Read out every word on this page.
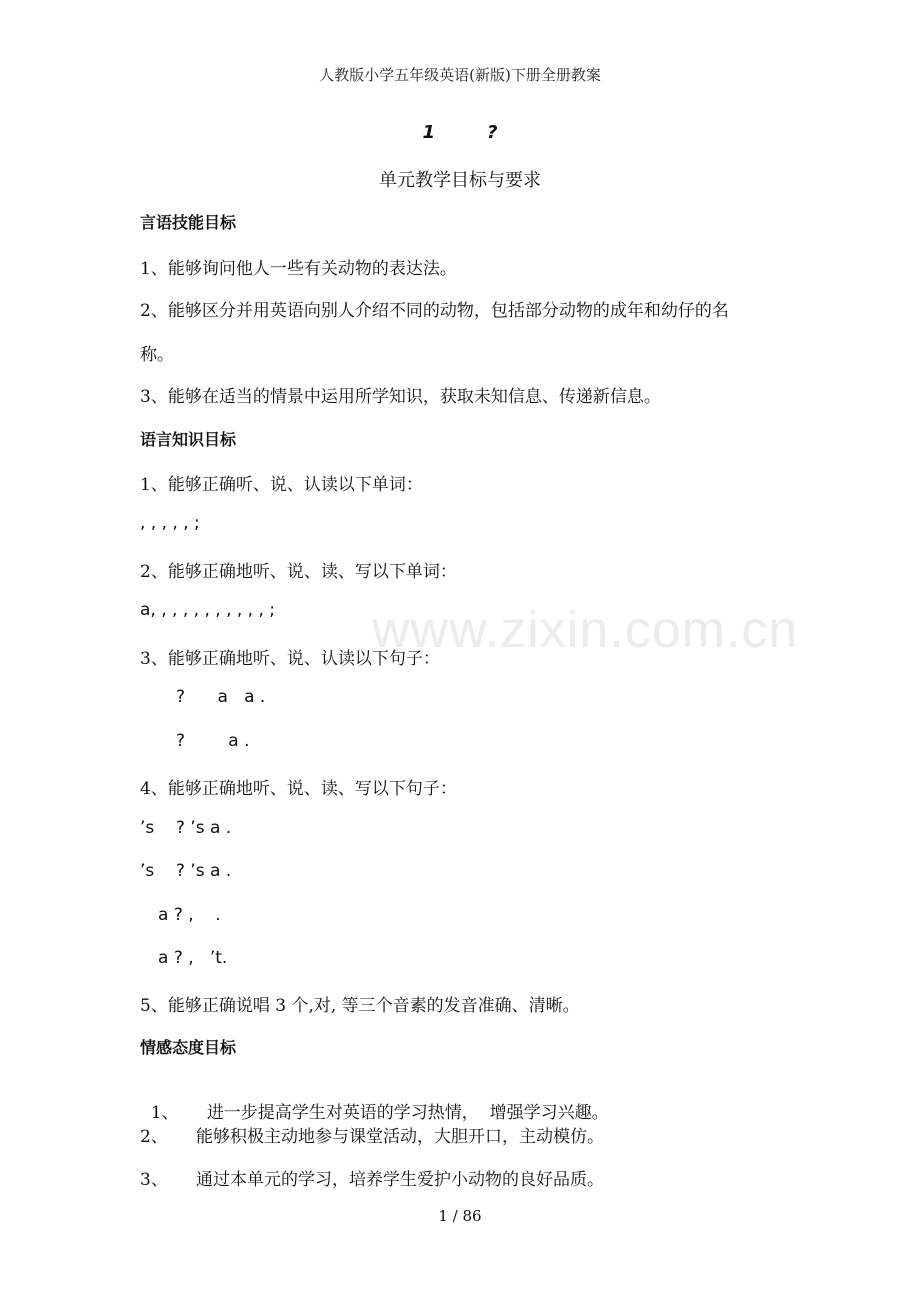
www.zixin.com.cn
人教版小学五年级英语(新版)下册全册教案
1	?
单元教学目标与要求
言语技能目标
1、能够询问他人一些有关动物的表达法。
2、能够区分并用英语向别人介绍不同的动物，包括部分动物的成年和幼仔的名
称。
3、能够在适当的情景中运用所学知识，获取未知信息、传递新信息。
语言知识目标
1、能够正确听、说、认读以下单词：
, , , , , ;
2、能够正确地听、说、读、写以下单词：
a, , , , , , , , , , , ;
3、能够正确地听、说、认读以下句子：
?      a   a .
?        a .
4、能够正确地听、说、读、写以下句子：
’s    ? ’s a .
’s    ? ’s a .
a ? ,    .
a ? ,   ’t.
5、能够正确说唱 3 个,对, 等三个音素的发音准确、清晰。
情感态度目标

1、 进一步提高学生对英语的学习热情，  增强学习兴趣。

2、 能够积极主动地参与课堂活动，大胆开口，主动模仿。
3、 通过本单元的学习，培养学生爱护小动物的良好品质。
1 / 86
